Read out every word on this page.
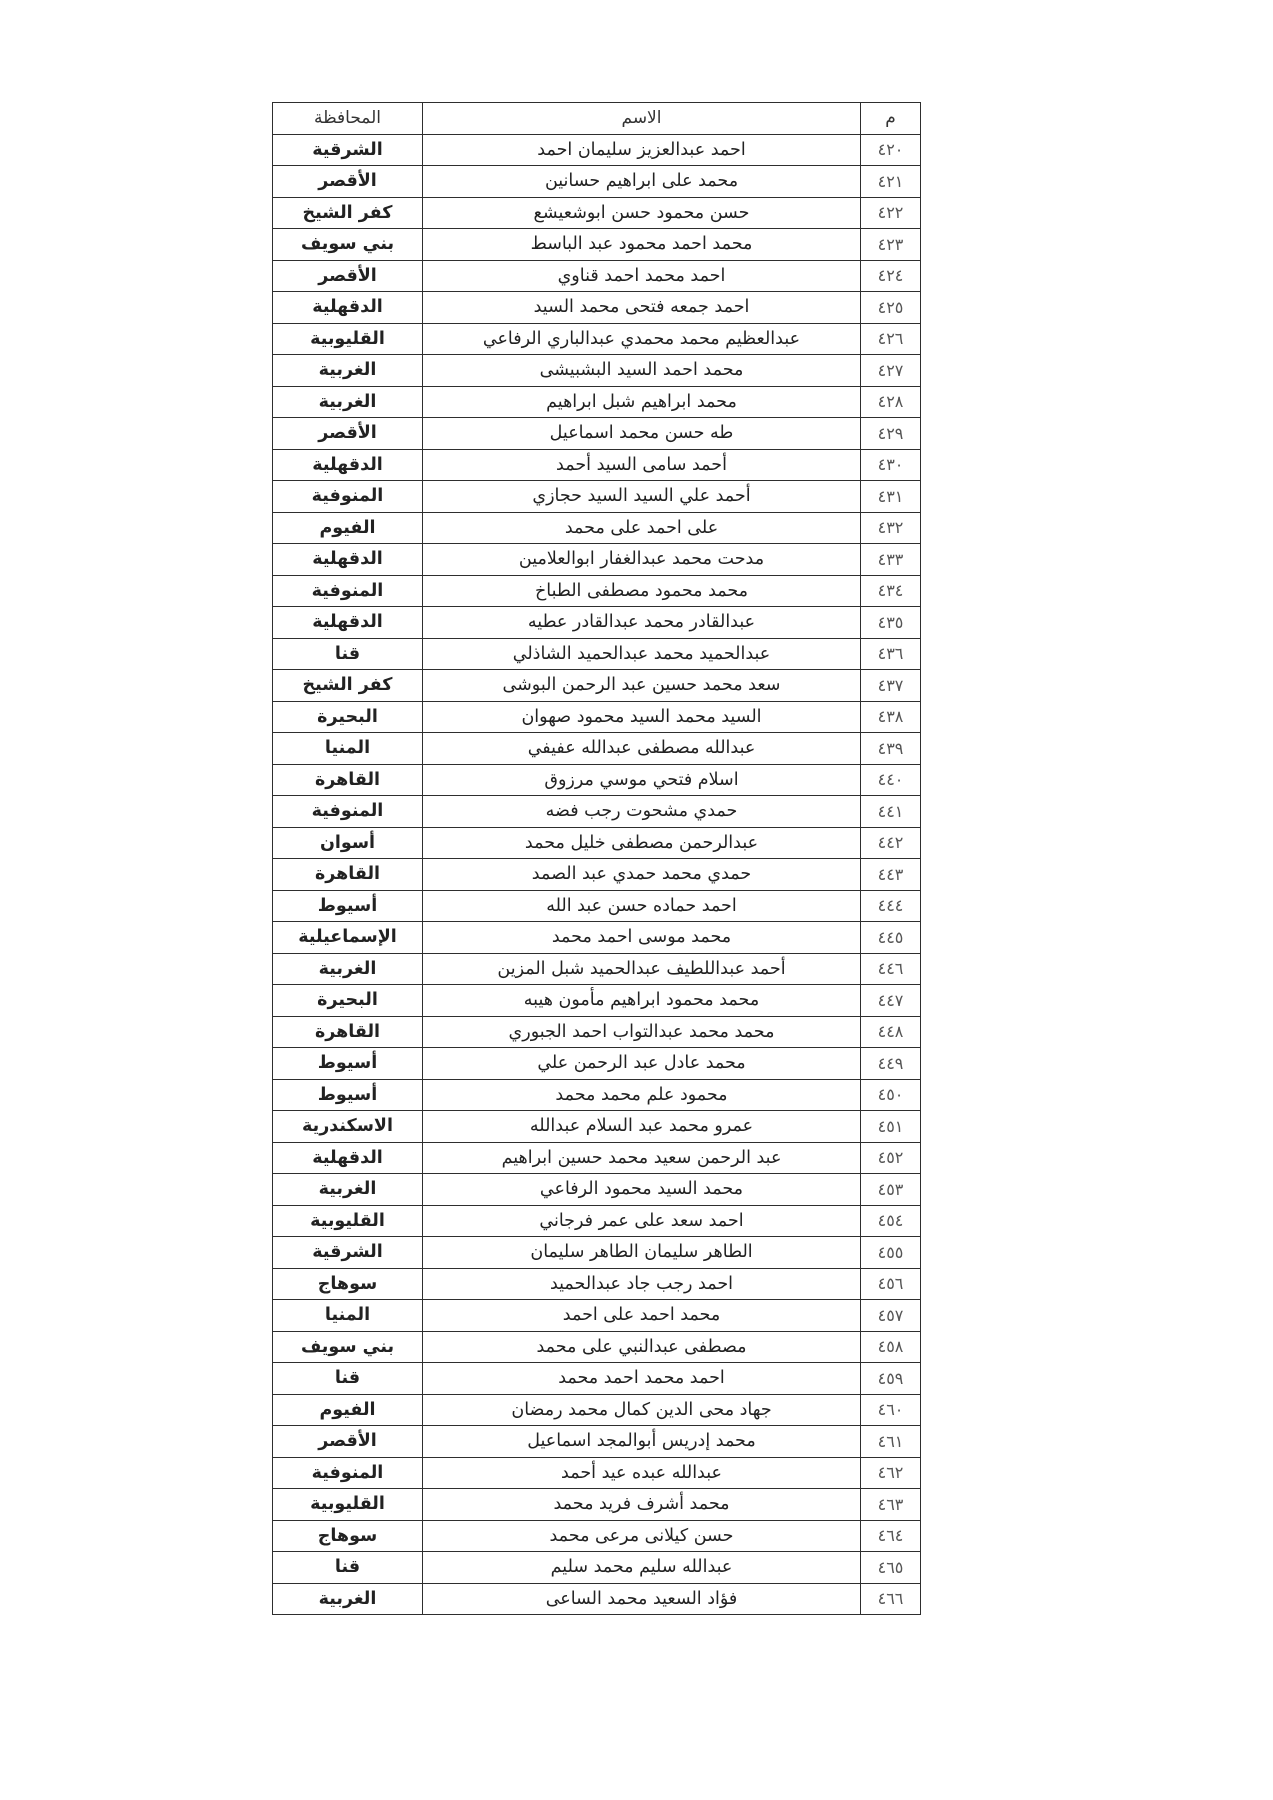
م	الاسم	المحافظة
٤٢٠	احمد عبدالعزيز سليمان احمد	الشرقية
٤٢١	محمد على ابراهيم حسانين	الأقصر
٤٢٢	حسن محمود حسن ابوشعيشع	كفر الشيخ
٤٢٣	محمد احمد محمود عبد الباسط	بني سويف
٤٢٤	احمد محمد احمد قناوي	الأقصر
٤٢٥	احمد جمعه فتحى محمد السيد	الدقهلية
٤٢٦	عبدالعظيم محمد محمدي عبدالباري الرفاعي	القليوبية
٤٢٧	محمد احمد السيد البشبيشى	الغربية
٤٢٨	محمد ابراهيم شبل ابراهيم	الغربية
٤٢٩	طه حسن محمد اسماعيل	الأقصر
٤٣٠	أحمد سامى السيد أحمد	الدقهلية
٤٣١	أحمد علي السيد السيد حجازي	المنوفية
٤٣٢	على احمد على محمد	الفيوم
٤٣٣	مدحت محمد عبدالغفار ابوالعلامين	الدقهلية
٤٣٤	محمد محمود مصطفى الطباخ	المنوفية
٤٣٥	عبدالقادر محمد عبدالقادر عطيه	الدقهلية
٤٣٦	عبدالحميد محمد عبدالحميد الشاذلي	قنا
٤٣٧	سعد محمد حسين عبد الرحمن البوشى	كفر الشيخ
٤٣٨	السيد محمد السيد محمود صهوان	البحيرة
٤٣٩	عبدالله مصطفى عبدالله عفيفي	المنيا
٤٤٠	اسلام فتحي موسي مرزوق	القاهرة
٤٤١	حمدي مشحوت رجب فضه	المنوفية
٤٤٢	عبدالرحمن مصطفى خليل محمد	أسوان
٤٤٣	حمدي محمد حمدي عبد الصمد	القاهرة
٤٤٤	احمد حماده حسن عبد الله	أسيوط
٤٤٥	محمد موسى احمد محمد	الإسماعيلية
٤٤٦	أحمد عبداللطيف عبدالحميد شبل المزين	الغربية
٤٤٧	محمد محمود ابراهيم مأمون هيبه	البحيرة
٤٤٨	محمد محمد عبدالتواب احمد الجبوري	القاهرة
٤٤٩	محمد عادل عبد الرحمن علي	أسيوط
٤٥٠	محمود علم محمد محمد	أسيوط
٤٥١	عمرو محمد عبد السلام عبدالله	الاسكندرية
٤٥٢	عبد الرحمن سعيد محمد حسين ابراهيم	الدقهلية
٤٥٣	محمد السيد محمود الرفاعي	الغربية
٤٥٤	احمد سعد على عمر فرجاني	القليوبية
٤٥٥	الطاهر سليمان الطاهر سليمان	الشرقية
٤٥٦	احمد رجب جاد عبدالحميد	سوهاج
٤٥٧	محمد احمد على احمد	المنيا
٤٥٨	مصطفى عبدالنبي على محمد	بني سويف
٤٥٩	احمد محمد احمد محمد	قنا
٤٦٠	جهاد محى الدين كمال محمد رمضان	الفيوم
٤٦١	محمد إدريس أبوالمجد اسماعيل	الأقصر
٤٦٢	عبدالله عبده عيد أحمد	المنوفية
٤٦٣	محمد أشرف فريد محمد	القليوبية
٤٦٤	حسن كيلانى مرعى محمد	سوهاج
٤٦٥	عبدالله سليم محمد سليم	قنا
٤٦٦	فؤاد السعيد محمد الساعى	الغربية
